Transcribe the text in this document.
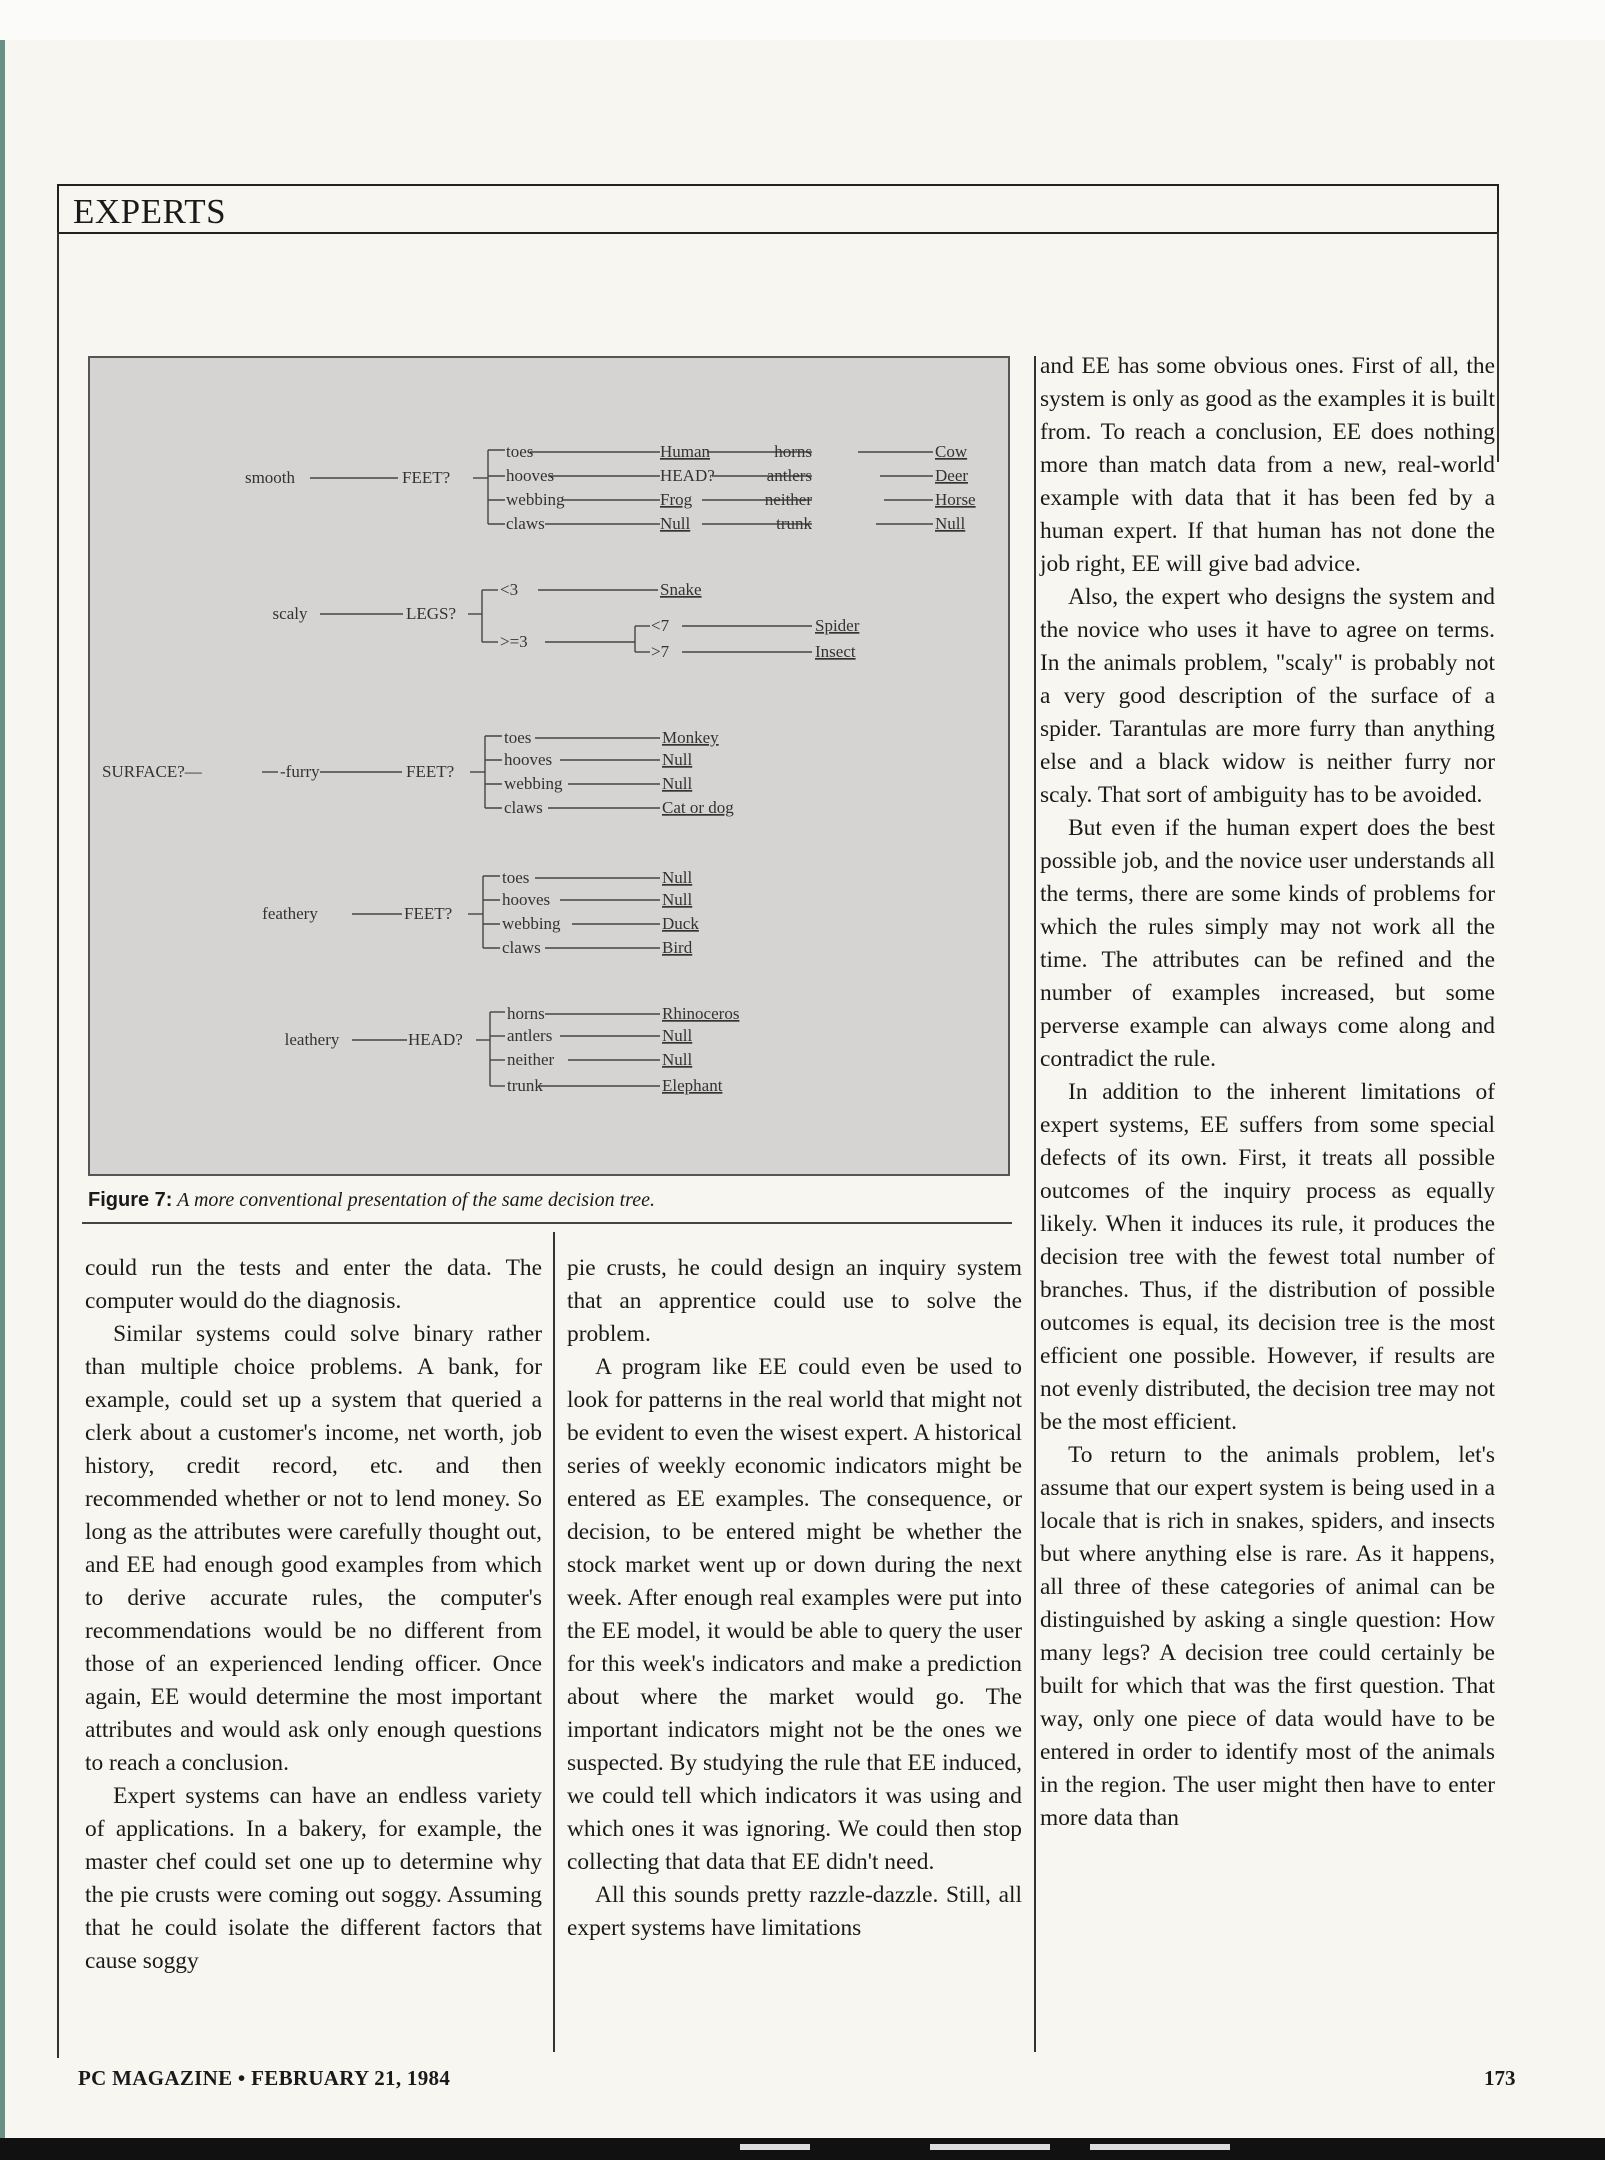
EXPERTS
SURFACE?—
smooth	FEET?
toes
hooves
webbing
claws
Human
HEAD?
Frog
Null
horns
antlers
neither
trunk
Cow
Deer
Horse
Null
scaly	LEGS?
<3
>=3
Snake
<7
>7
Spider
Insect
-furry	FEET?
toes
hooves
webbing
claws
Monkey
Null
Null
Cat or dog
feathery	FEET?
toes
hooves
webbing
claws
Null
Null
Duck
Bird
leathery	HEAD?
horns
antlers
neither
trunk
Rhinoceros
Null
Null
Elephant
Figure 7: A more conventional presentation of the same decision tree.

could run the tests and enter the data. The computer would do the diagnosis.

Similar systems could solve binary rather than multiple choice problems. A bank, for example, could set up a system that queried a clerk about a customer's income, net worth, job history, credit record, etc. and then recommended whether or not to lend money. So long as the attributes were carefully thought out, and EE had enough good examples from which to derive accurate rules, the computer's recommendations would be no different from those of an experienced lending officer. Once again, EE would determine the most important attributes and would ask only enough questions to reach a conclusion.

Expert systems can have an endless variety of applications. In a bakery, for example, the master chef could set one up to determine why the pie crusts were coming out soggy. Assuming that he could isolate the different factors that cause soggy

pie crusts, he could design an inquiry system that an apprentice could use to solve the problem.

A program like EE could even be used to look for patterns in the real world that might not be evident to even the wisest expert. A historical series of weekly economic indicators might be entered as EE examples. The consequence, or decision, to be entered might be whether the stock market went up or down during the next week. After enough real examples were put into the EE model, it would be able to query the user for this week's indicators and make a prediction about where the market would go. The important indicators might not be the ones we suspected. By studying the rule that EE induced, we could tell which indicators it was using and which ones it was ignoring. We could then stop collecting that data that EE didn't need.

All this sounds pretty razzle-dazzle. Still, all expert systems have limitations

and EE has some obvious ones. First of all, the system is only as good as the examples it is built from. To reach a conclusion, EE does nothing more than match data from a new, real-world example with data that it has been fed by a human expert. If that human has not done the job right, EE will give bad advice.

Also, the expert who designs the system and the novice who uses it have to agree on terms. In the animals problem, "scaly" is probably not a very good description of the surface of a spider. Tarantulas are more furry than anything else and a black widow is neither furry nor scaly. That sort of ambiguity has to be avoided.

But even if the human expert does the best possible job, and the novice user understands all the terms, there are some kinds of problems for which the rules simply may not work all the time. The attributes can be refined and the number of examples increased, but some perverse example can always come along and contradict the rule.

In addition to the inherent limitations of expert systems, EE suffers from some special defects of its own. First, it treats all possible outcomes of the inquiry process as equally likely. When it induces its rule, it produces the decision tree with the fewest total number of branches. Thus, if the distribution of possible outcomes is equal, its decision tree is the most efficient one possible. However, if results are not evenly distributed, the decision tree may not be the most efficient.

To return to the animals problem, let's assume that our expert system is being used in a locale that is rich in snakes, spiders, and insects but where anything else is rare. As it happens, all three of these categories of animal can be distinguished by asking a single question: How many legs? A decision tree could certainly be built for which that was the first question. That way, only one piece of data would have to be entered in order to identify most of the animals in the region. The user might then have to enter more data than

PC MAGAZINE • FEBRUARY 21, 1984	173
